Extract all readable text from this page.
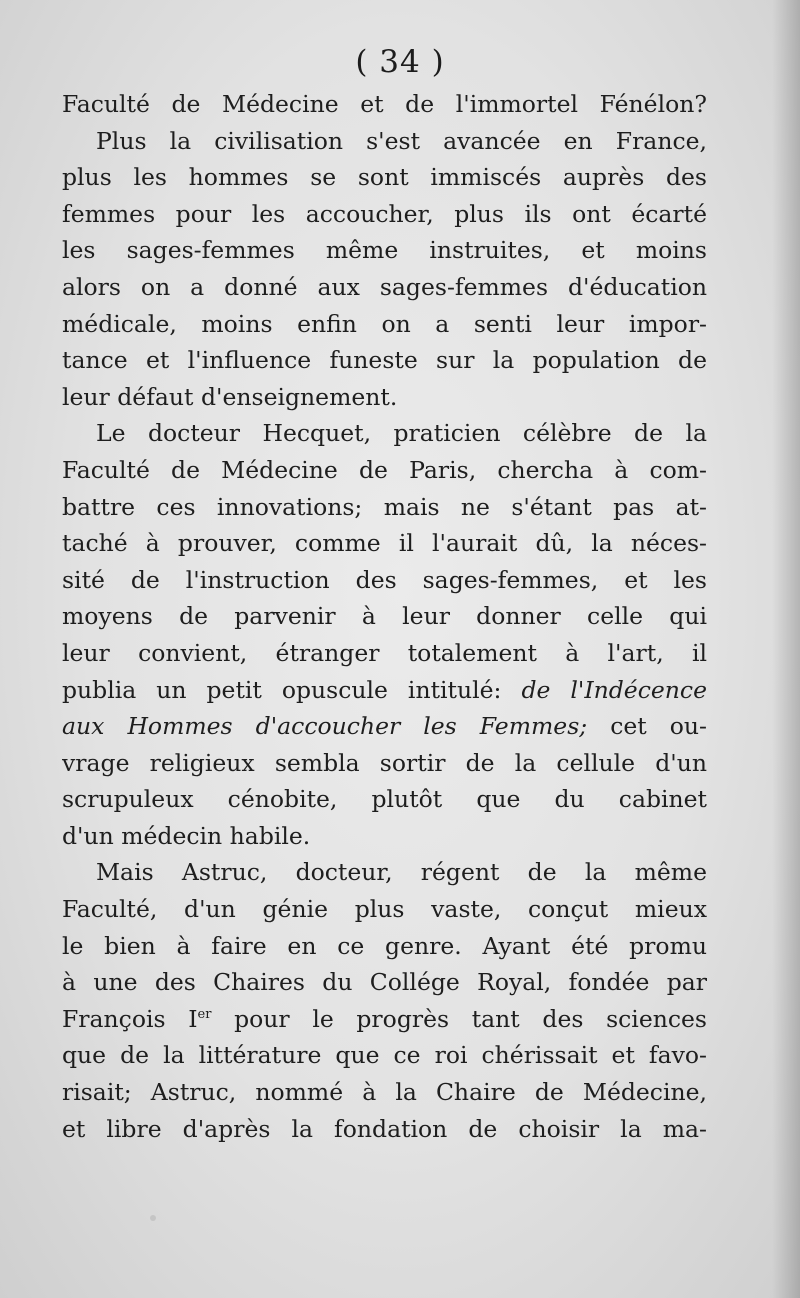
( 34 )
Faculté de Médecine et de l'immortel Fénélon?
Plus la civilisation s'est avancée en France,
plus les hommes se sont immiscés auprès des
femmes pour les accoucher, plus ils ont écarté
les sages-femmes même instruites, et moins
alors on a donné aux sages-femmes d'éducation
médicale, moins enfin on a senti leur impor-
tance et l'influence funeste sur la population de
leur défaut d'enseignement.
Le docteur Hecquet, praticien célèbre de la
Faculté de Médecine de Paris, chercha à com-
battre ces innovations; mais ne s'étant pas at-
taché à prouver, comme il l'aurait dû, la néces-
sité de l'instruction des sages-femmes, et les
moyens de parvenir à leur donner celle qui
leur convient, étranger totalement à l'art, il
publia un petit opuscule intitulé: de l'Indécence
aux Hommes d'accoucher les Femmes; cet ou-
vrage religieux sembla sortir de la cellule d'un
scrupuleux cénobite, plutôt que du cabinet
d'un médecin habile.
Mais Astruc, docteur, régent de la même
Faculté, d'un génie plus vaste, conçut mieux
le bien à faire en ce genre. Ayant été promu
à une des Chaires du Collége Royal, fondée par
François Ier pour le progrès tant des sciences
que de la littérature que ce roi chérissait et favo-
risait; Astruc, nommé à la Chaire de Médecine,
et libre d'après la fondation de choisir la ma-
